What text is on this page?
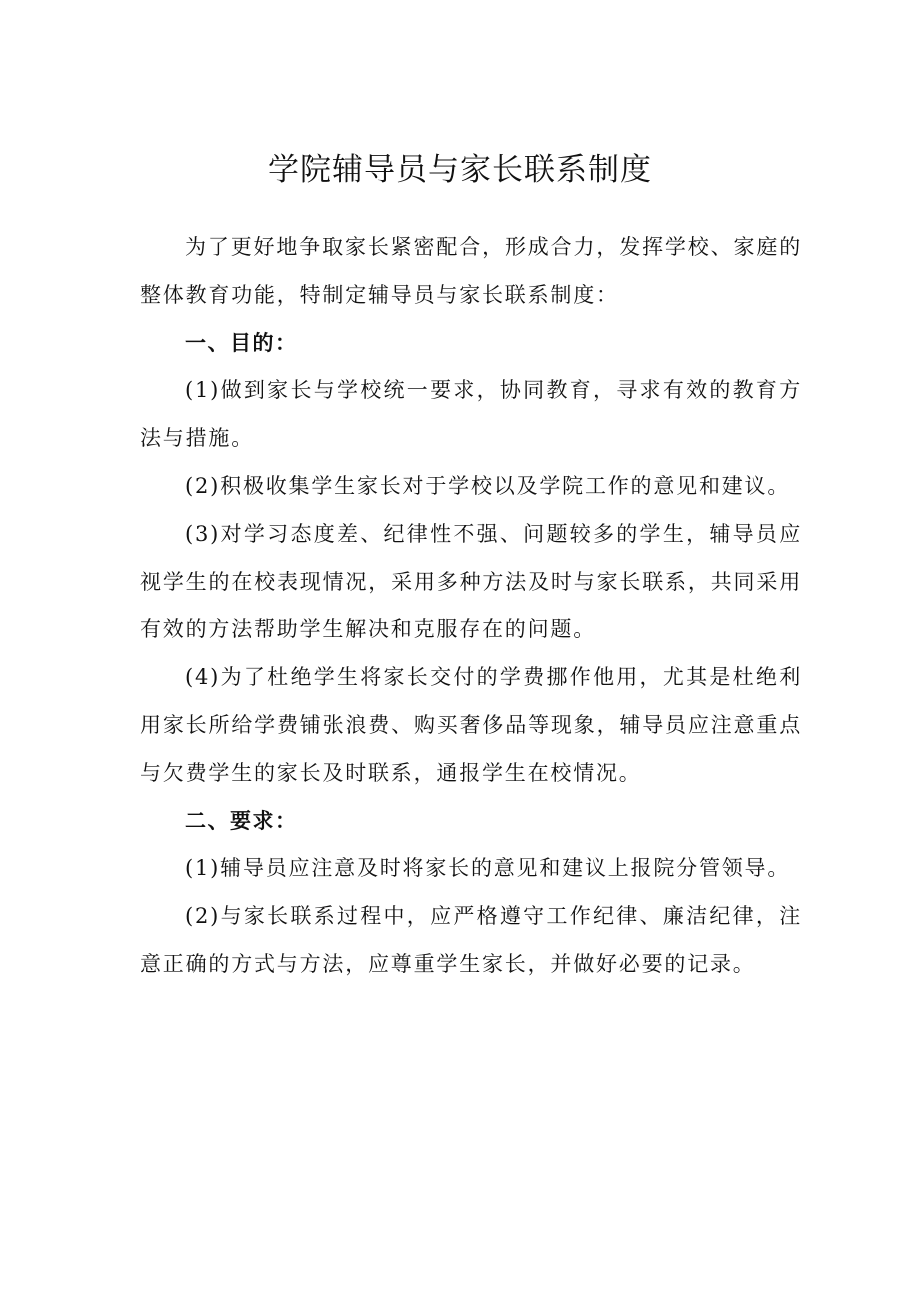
学院辅导员与家长联系制度

为了更好地争取家长紧密配合，形成合力，发挥学校、家庭的整体教育功能，特制定辅导员与家长联系制度：

一、目的：

(1)做到家长与学校统一要求，协同教育，寻求有效的教育方法与措施。

(2)积极收集学生家长对于学校以及学院工作的意见和建议。

(3)对学习态度差、纪律性不强、问题较多的学生，辅导员应视学生的在校表现情况，采用多种方法及时与家长联系，共同采用有效的方法帮助学生解决和克服存在的问题。

(4)为了杜绝学生将家长交付的学费挪作他用，尤其是杜绝利用家长所给学费铺张浪费、购买奢侈品等现象，辅导员应注意重点与欠费学生的家长及时联系，通报学生在校情况。

二、要求：

(1)辅导员应注意及时将家长的意见和建议上报院分管领导。

(2)与家长联系过程中，应严格遵守工作纪律、廉洁纪律，注意正确的方式与方法，应尊重学生家长，并做好必要的记录。
